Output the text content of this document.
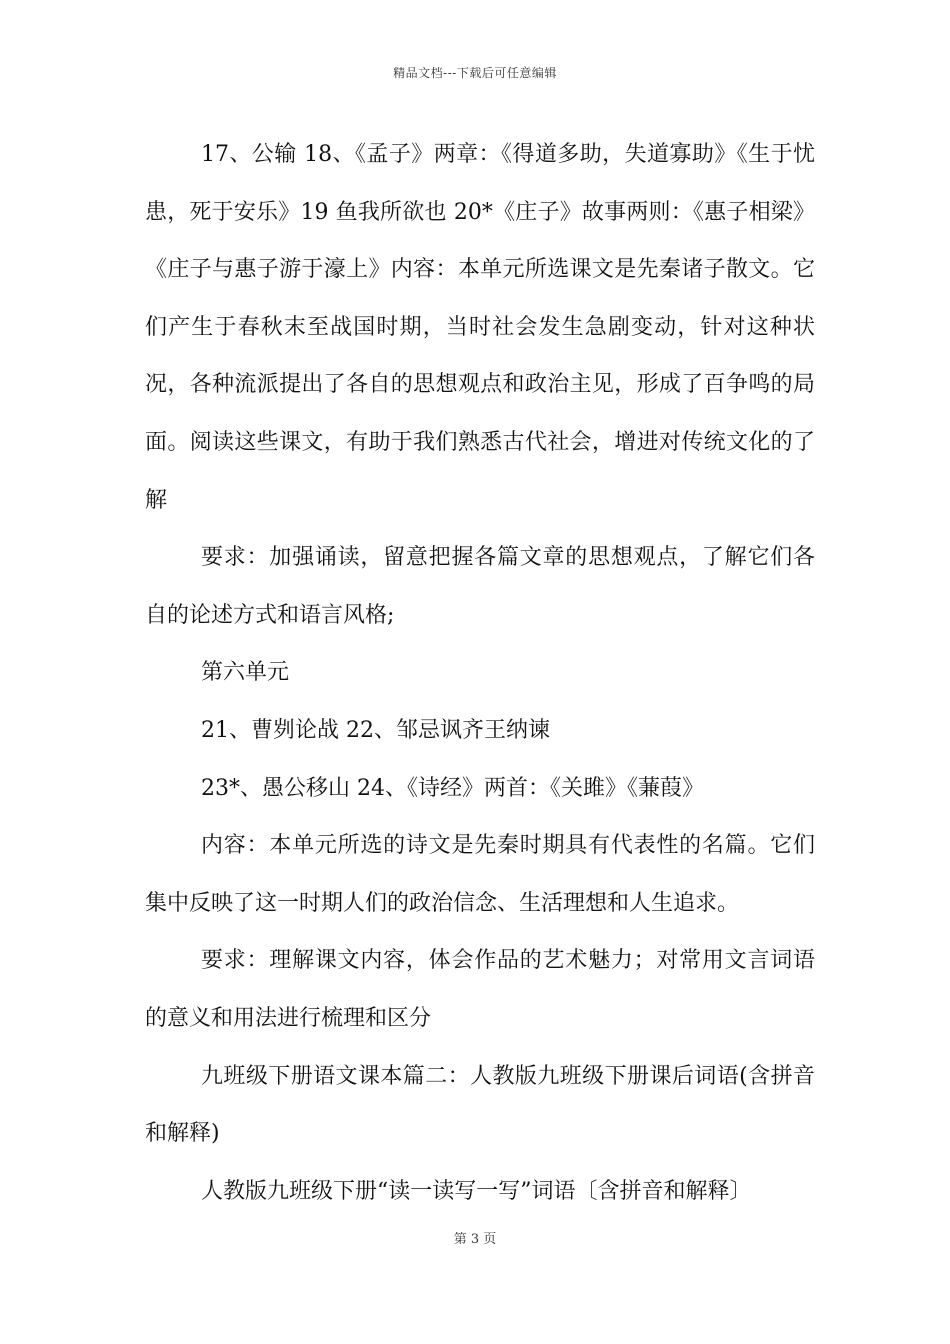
精品文档---下载后可任意编辑

17、公输 18、《孟子》两章：《得道多助，失道寡助》《生于忧患，死于安乐》19 鱼我所欲也 20*《庄子》故事两则：《惠子相梁》《庄子与惠子游于濠上》内容：本单元所选课文是先秦诸子散文。它们产生于春秋末至战国时期，当时社会发生急剧变动，针对这种状况，各种流派提出了各自的思想观点和政治主见，形成了百争鸣的局面。阅读这些课文，有助于我们熟悉古代社会，增进对传统文化的了解

要求：加强诵读，留意把握各篇文章的思想观点，了解它们各自的论述方式和语言风格;

第六单元

21、曹刿论战 22、邹忌讽齐王纳谏

23*、愚公移山 24、《诗经》两首：《关雎》《蒹葭》

内容：本单元所选的诗文是先秦时期具有代表性的名篇。它们集中反映了这一时期人们的政治信念、生活理想和人生追求。

要求：理解课文内容，体会作品的艺术魅力；对常用文言词语的意义和用法进行梳理和区分

九班级下册语文课本篇二：人教版九班级下册课后词语(含拼音和解释)

人教版九班级下册“读一读写一写”词语〔含拼音和解释〕

第 3 页
